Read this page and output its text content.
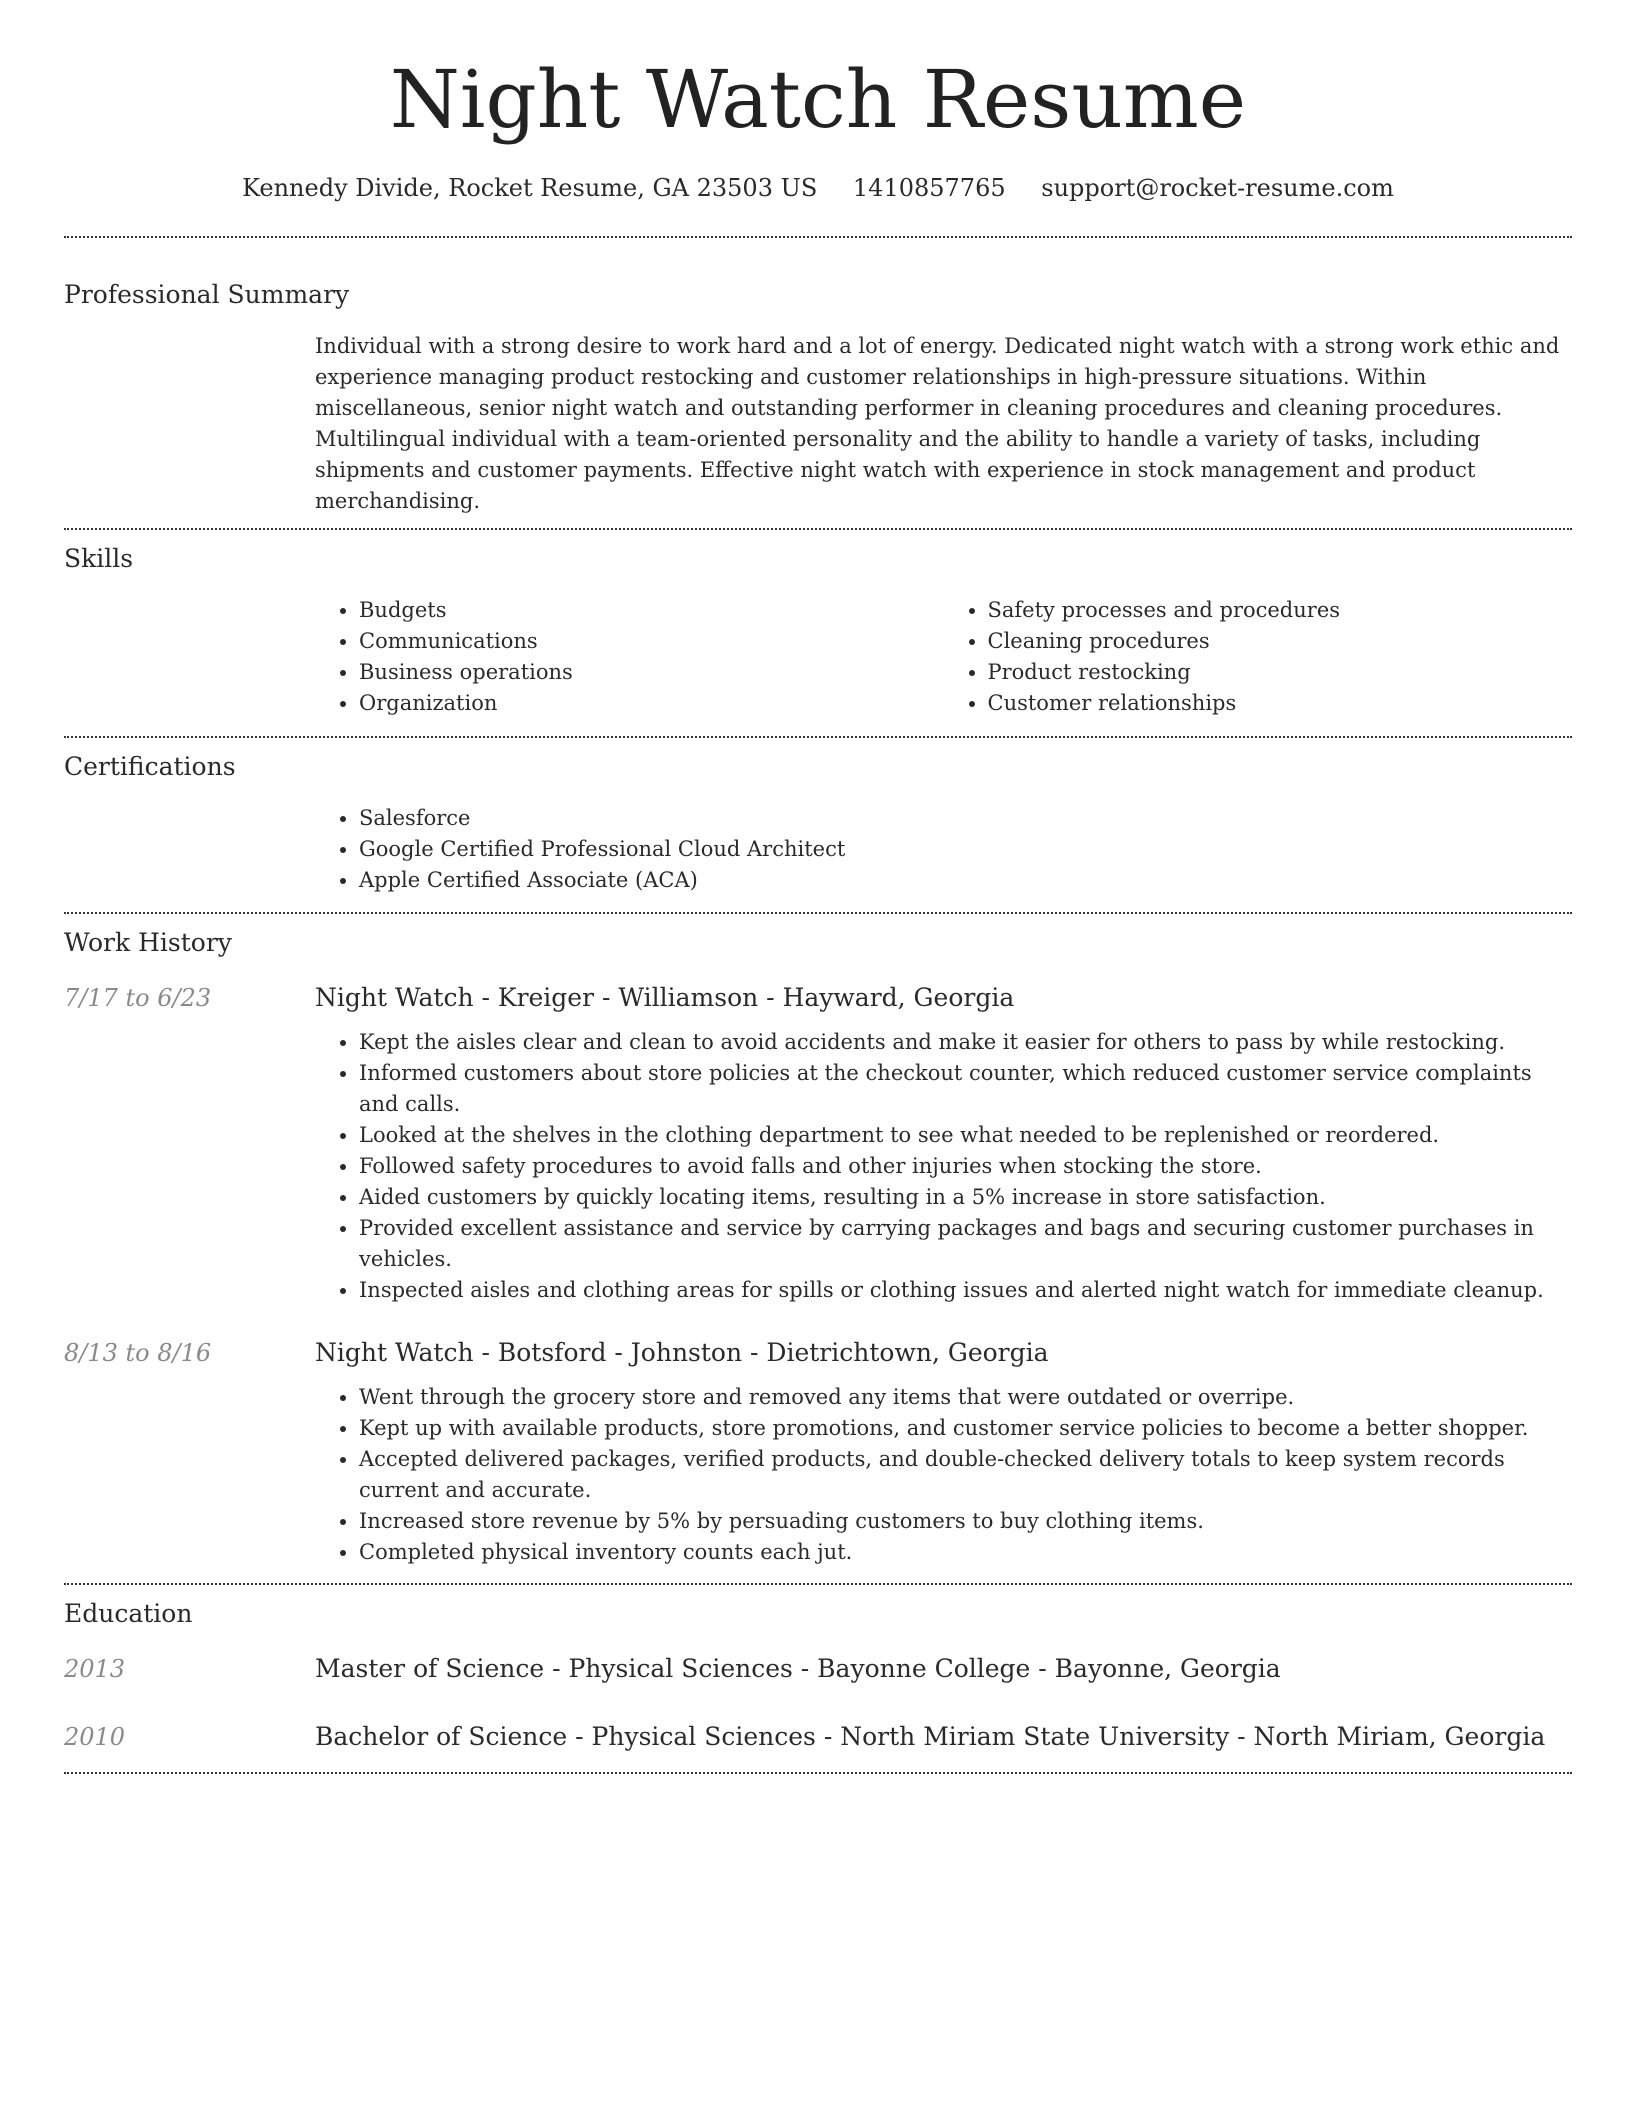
Night Watch Resume
Kennedy Divide, Rocket Resume, GA 23503 US 1410857765 support@rocket-resume.com
Professional Summary
Individual with a strong desire to work hard and a lot of energy. Dedicated night watch with a strong work ethic and experience managing product restocking and customer relationships in high-pressure situations. Within miscellaneous, senior night watch and outstanding performer in cleaning procedures and cleaning procedures. Multilingual individual with a team-oriented personality and the ability to handle a variety of tasks, including shipments and customer payments. Effective night watch with experience in stock management and product merchandising.
Skills
• Budgets
• Communications
• Business operations
• Organization
• Safety processes and procedures
• Cleaning procedures
• Product restocking
• Customer relationships
Certifications
• Salesforce
• Google Certified Professional Cloud Architect
• Apple Certified Associate (ACA)
Work History
7/17 to 6/23	Night Watch - Kreiger - Williamson - Hayward, Georgia
• Kept the aisles clear and clean to avoid accidents and make it easier for others to pass by while restocking.
• Informed customers about store policies at the checkout counter, which reduced customer service complaints and calls.
• Looked at the shelves in the clothing department to see what needed to be replenished or reordered.
• Followed safety procedures to avoid falls and other injuries when stocking the store.
• Aided customers by quickly locating items, resulting in a 5% increase in store satisfaction.
• Provided excellent assistance and service by carrying packages and bags and securing customer purchases in vehicles.
• Inspected aisles and clothing areas for spills or clothing issues and alerted night watch for immediate cleanup.
8/13 to 8/16	Night Watch - Botsford - Johnston - Dietrichtown, Georgia
• Went through the grocery store and removed any items that were outdated or overripe.
• Kept up with available products, store promotions, and customer service policies to become a better shopper.
• Accepted delivered packages, verified products, and double-checked delivery totals to keep system records current and accurate.
• Increased store revenue by 5% by persuading customers to buy clothing items.
• Completed physical inventory counts each jut.
Education
2013	Master of Science - Physical Sciences - Bayonne College - Bayonne, Georgia
2010	Bachelor of Science - Physical Sciences - North Miriam State University - North Miriam, Georgia
